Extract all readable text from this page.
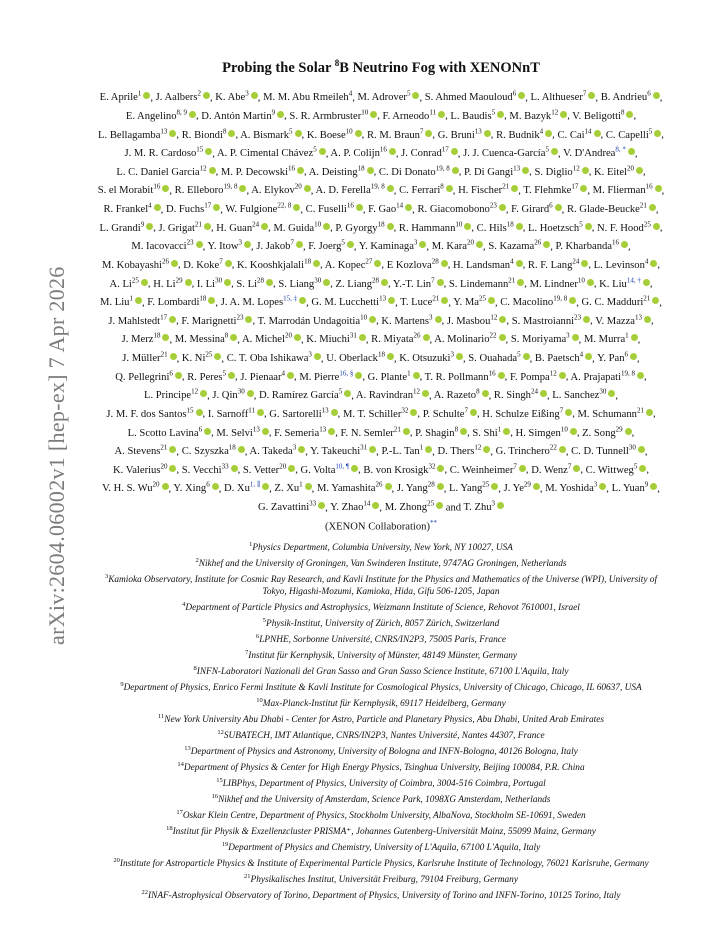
arXiv:2604.06002v1 [hep-ex] 7 Apr 2026
Probing the Solar $^8$B Neutrino Fog with XENONnT
E. Aprile$^1$ , J. Aalbers$^2$ , K. Abe$^3$ , M. M. Abu Rmeileh$^4$, M. Adrover$^5$ , S. Ahmed Maouloud$^6$ , L. Althueser$^7$ , B. Andrieu$^6$ , E. Angelino$^{8, 9}$ , D. Antón Martin$^9$ , S. R. Armbruster$^{10}$ , F. Arneodo$^{11}$ , L. Baudis$^5$ , M. Bazyk$^{12}$ , V. Beligotti$^8$ , L. Bellagamba$^{13}$ , R. Biondi$^8$ , A. Bismark$^5$ , K. Boese$^{10}$ , R. M. Braun$^7$ , G. Bruni$^{13}$ , R. Budnik$^4$ , C. Cai$^{14}$ , C. Capelli$^5$ , J. M. R. Cardoso$^{15}$ , A. P. Cimental Chávez$^5$ , A. P. Colijn$^{16}$ , J. Conrad$^{17}$ , J. J. Cuenca-García$^5$ , V. D'Andrea$^{8, *}$ , L. C. Daniel Garcia$^{12}$ , M. P. Decowski$^{16}$ , A. Deisting$^{18}$ , C. Di Donato$^{19, 8}$ , P. Di Gangi$^{13}$ , S. Diglio$^{12}$ , K. Eitel$^{20}$ , S. el Morabit$^{16}$ , R. Elleboro$^{19, 8}$ , A. Elykov$^{20}$ , A. D. Ferella$^{19, 8}$ , C. Ferrari$^8$ , H. Fischer$^{21}$ , T. Flehmke$^{17}$ , M. Flierman$^{16}$ , R. Frankel$^4$ , D. Fuchs$^{17}$ , W. Fulgione$^{22, 8}$ , C. Fuselli$^{16}$ , F. Gao$^{14}$ , R. Giacomobono$^{23}$ , F. Girard$^6$ , R. Glade-Beucke$^{21}$ , L. Grandi$^9$ , J. Grigat$^{21}$ , H. Guan$^{24}$ , M. Guida$^{10}$ , P. Gyorgy$^{18}$ , R. Hammann$^{10}$ , C. Hils$^{18}$ , L. Hoetzsch$^5$ , N. F. Hood$^{25}$ , M. Iacovacci$^{23}$ , Y. Itow$^3$ , J. Jakob$^7$ , F. Joerg$^5$ , Y. Kaminaga$^3$ , M. Kara$^{20}$ , S. Kazama$^{26}$ , P. Kharbanda$^{16}$ , M. Kobayashi$^{26}$ , D. Koke$^7$ , K. Kooshkjalali$^{18}$ , A. Kopec$^{27}$ , E Kozlova$^{28}$ , H. Landsman$^4$ , R. F. Lang$^{24}$ , L. Levinson$^4$ , A. Li$^{25}$ , H. Li$^{29}$ , I. Li$^{30}$ , S. Li$^{28}$ , S. Liang$^{30}$ , Z. Liang$^{28}$ , Y.-T. Lin$^7$ , S. Lindemann$^{21}$ , M. Lindner$^{10}$ , K. Liu$^{14, \dagger}$ , M. Liu$^1$ , F. Lombardi$^{18}$ , J. A. M. Lopes$^{15, \ddagger}$ , G. M. Lucchetti$^{13}$ , T. Luce$^{21}$ , Y. Ma$^{25}$ , C. Macolino$^{19, 8}$ , G. C. Madduri$^{21}$ , J. Mahlstedt$^{17}$ , F. Marignetti$^{23}$ , T. Marrodán Undagoitia$^{10}$ , K. Martens$^3$ , J. Masbou$^{12}$ , S. Mastroianni$^{23}$ , V. Mazza$^{13}$ , J. Merz$^{18}$ , M. Messina$^8$ , A. Michel$^{20}$ , K. Miuchi$^{31}$ , R. Miyata$^{26}$ , A. Molinario$^{22}$ , S. Moriyama$^3$ , M. Murra$^1$ , J. Müller$^{21}$ , K. Ni$^{25}$ , C. T. Oba Ishikawa$^3$ , U. Oberlack$^{18}$ , K. Otsuzuki$^3$ , S. Ouahada$^5$ , B. Paetsch$^4$ , Y. Pan$^6$ , Q. Pellegrini$^6$ , R. Peres$^5$ , J. Pienaar$^4$ , M. Pierre$^{16, \S}$ , G. Plante$^1$ , T. R. Pollmann$^{16}$ , F. Pompa$^{12}$ , A. Prajapati$^{19, 8}$ , L. Principe$^{12}$ , J. Qin$^{30}$ , D. Ramírez García$^5$ , A. Ravindran$^{12}$ , A. Razeto$^8$ , R. Singh$^{24}$ , L. Sanchez$^{30}$ , J. M. F. dos Santos$^{15}$ , I. Sarnoff$^{11}$ , G. Sartorelli$^{13}$ , M. T. Schiller$^{32}$ , P. Schulte$^7$ , H. Schulze Eißing$^7$ , M. Schumann$^{21}$ , L. Scotto Lavina$^6$ , M. Selvi$^{13}$ , F. Semeria$^{13}$ , F. N. Semler$^{21}$ , P. Shagin$^8$ , S. Shi$^1$ , H. Simgen$^{10}$ , Z. Song$^{29}$ , A. Stevens$^{21}$ , C. Szyszka$^{18}$ , A. Takeda$^3$ , Y. Takeuchi$^{31}$ , P.-L. Tan$^1$ , D. Thers$^{12}$ , G. Trinchero$^{22}$ , C. D. Tunnell$^{30}$ , K. Valerius$^{20}$ , S. Vecchi$^{33}$ , S. Vetter$^{20}$ , G. Volta$^{10, \P}$ , B. von Krosigk$^{32}$ , C. Weinheimer$^7$ , D. Wenz$^7$ , C. Wittweg$^5$ , V. H. S. Wu$^{20}$ , Y. Xing$^6$ , D. Xu$^{1, \parallel}$ , Z. Xu$^1$ , M. Yamashita$^{26}$ , J. Yang$^{28}$ , L. Yang$^{25}$ , J. Ye$^{29}$ , M. Yoshida$^3$ , L. Yuan$^9$ , G. Zavattini$^{33}$ , Y. Zhao$^{14}$ , M. Zhong$^{25}$ and T. Zhu$^3$
(XENON Collaboration)**
$^1$Physics Department, Columbia University, New York, NY 10027, USA
$^2$Nikhef and the University of Groningen, Van Swinderen Institute, 9747AG Groningen, Netherlands
$^3$Kamioka Observatory, Institute for Cosmic Ray Research, and Kavli Institute for the Physics and Mathematics of the Universe (WPI), University of Tokyo, Higashi-Mozumi, Kamioka, Hida, Gifu 506-1205, Japan
$^4$Department of Particle Physics and Astrophysics, Weizmann Institute of Science, Rehovot 7610001, Israel
$^5$Physik-Institut, University of Zürich, 8057 Zürich, Switzerland
$^6$LPNHE, Sorbonne Université, CNRS/IN2P3, 75005 Paris, France
$^7$Institut für Kernphysik, University of Münster, 48149 Münster, Germany
$^8$INFN-Laboratori Nazionali del Gran Sasso and Gran Sasso Science Institute, 67100 L'Aquila, Italy
$^9$Department of Physics, Enrico Fermi Institute & Kavli Institute for Cosmological Physics, University of Chicago, Chicago, IL 60637, USA
$^{10}$Max-Planck-Institut für Kernphysik, 69117 Heidelberg, Germany
$^{11}$New York University Abu Dhabi - Center for Astro, Particle and Planetary Physics, Abu Dhabi, United Arab Emirates
$^{12}$SUBATECH, IMT Atlantique, CNRS/IN2P3, Nantes Université, Nantes 44307, France
$^{13}$Department of Physics and Astronomy, University of Bologna and INFN-Bologna, 40126 Bologna, Italy
$^{14}$Department of Physics & Center for High Energy Physics, Tsinghua University, Beijing 100084, P.R. China
$^{15}$LIBPhys, Department of Physics, University of Coimbra, 3004-516 Coimbra, Portugal
$^{16}$Nikhef and the University of Amsterdam, Science Park, 1098XG Amsterdam, Netherlands
$^{17}$Oskar Klein Centre, Department of Physics, Stockholm University, AlbaNova, Stockholm SE-10691, Sweden
$^{18}$Institut für Physik & Exzellenzcluster PRISMA⁺, Johannes Gutenberg-Universität Mainz, 55099 Mainz, Germany
$^{19}$Department of Physics and Chemistry, University of L'Aquila, 67100 L'Aquila, Italy
$^{20}$Institute for Astroparticle Physics & Institute of Experimental Particle Physics, Karlsruhe Institute of Technology, 76021 Karlsruhe, Germany
$^{21}$Physikalisches Institut, Universität Freiburg, 79104 Freiburg, Germany
$^{22}$INAF-Astrophysical Observatory of Torino, Department of Physics, University of Torino and INFN-Torino, 10125 Torino, Italy
